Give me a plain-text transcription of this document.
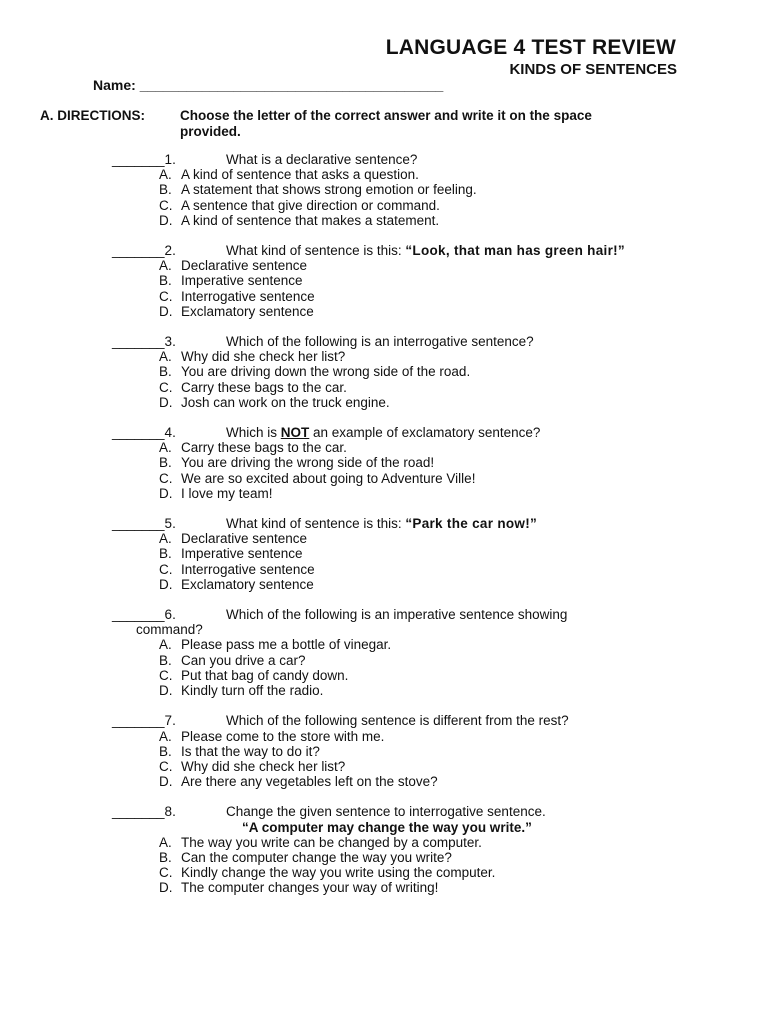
LANGUAGE 4 TEST REVIEW
KINDS OF SENTENCES
Name: _______________________________________
A. DIRECTIONS:	Choose the letter of the correct answer and write it on the space provided.
_______1.	What is a declarative sentence?
A. A kind of sentence that asks a question.
B. A statement that shows strong emotion or feeling.
C. A sentence that give direction or command.
D. A kind of sentence that makes a statement.
_______2.	What kind of sentence is this: “Look, that man has green hair!”
A. Declarative sentence
B. Imperative sentence
C. Interrogative sentence
D. Exclamatory sentence
_______3.	Which of the following is an interrogative sentence?
A. Why did she check her list?
B. You are driving down the wrong side of the road.
C. Carry these bags to the car.
D. Josh can work on the truck engine.
_______4.	Which is NOT an example of exclamatory sentence?
A. Carry these bags to the car.
B. You are driving the wrong side of the road!
C. We are so excited about going to Adventure Ville!
D. I love my team!
_______5.	What kind of sentence is this: “Park the car now!”
A. Declarative sentence
B. Imperative sentence
C. Interrogative sentence
D. Exclamatory sentence
_______6.	Which of the following is an imperative sentence showing
command?
A. Please pass me a bottle of vinegar.
B. Can you drive a car?
C. Put that bag of candy down.
D. Kindly turn off the radio.
_______7.	Which of the following sentence is different from the rest?
A. Please come to the store with me.
B. Is that the way to do it?
C. Why did she check her list?
D. Are there any vegetables left on the stove?
_______8.	Change the given sentence to interrogative sentence.
“A computer may change the way you write.”
A. The way you write can be changed by a computer.
B. Can the computer change the way you write?
C. Kindly change the way you write using the computer.
D. The computer changes your way of writing!
